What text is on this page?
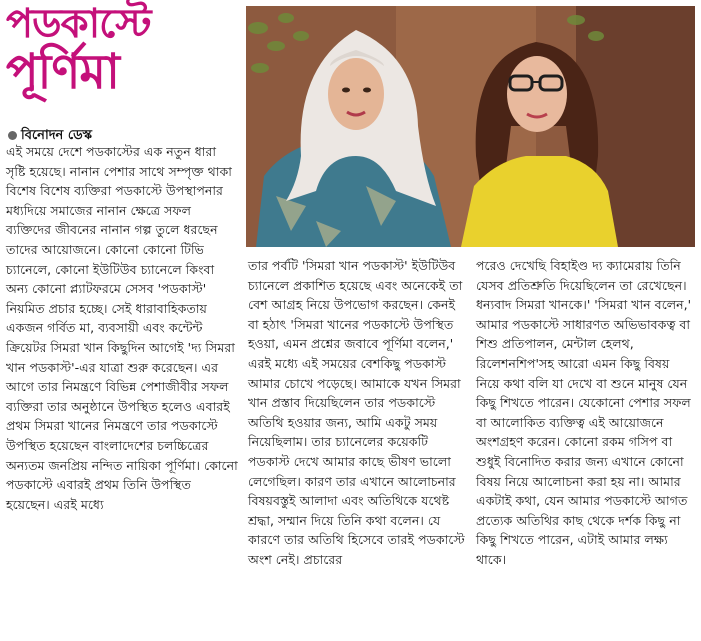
পডকাস্টে
পূর্ণিমা
বিনোদন ডেস্ক

এই সময়ে দেশে পডকাস্টের এক নতুন ধারা সৃষ্টি হয়েছে। নানান পেশার সাথে সম্পৃক্ত থাকা বিশেষ বিশেষ ব্যক্তিরা পডকাস্টে উপস্থাপনার মধ্যদিয়ে সমাজের নানান ক্ষেত্রে সফল ব্যক্তিদের জীবনের নানান গল্প তুলে ধরছেন তাদের আয়োজনে। কোনো কোনো টিভি চ্যানেলে, কোনো ইউটিউব চ্যানেলে কিংবা অন্য কোনো প্ল্যাটফরমে সেসব 'পডকাস্ট' নিয়মিত প্রচার হচ্ছে। সেই ধারাবাহিকতায় একজন গর্বিত মা, ব্যবসায়ী এবং কন্টেন্ট ক্রিয়েটর সিমরা খান কিছুদিন আগেই 'দ্য সিমরা খান পডকাস্ট'-এর যাত্রা শুরু করেছেন। এর আগে তার নিমন্ত্রণে বিভিন্ন পেশাজীবীর সফল ব্যক্তিরা তার অনুষ্ঠানে উপস্থিত হলেও এবারই প্রথম সিমরা খানের নিমন্ত্রণে তার পডকাস্টে উপস্থিত হয়েছেন বাংলাদেশের চলচ্চিত্রের অন্যতম জনপ্রিয় নন্দিত নায়িকা পূর্ণিমা। কোনো পডকাস্টে এবারই প্রথম তিনি উপস্থিত হয়েছেন। এরই মধ্যে

তার পর্বটি 'সিমরা খান পডকাস্ট' ইউটিউব চ্যানেলে প্রকাশিত হয়েছে এবং অনেকেই তা বেশ আগ্রহ নিয়ে উপভোগ করছেন। কেনই বা হঠাৎ 'সিমরা খানের পডকাস্টে উপস্থিত হওয়া, এমন প্রশ্নের জবাবে পূর্ণিমা বলেন,' এরই মধ্যে এই সময়ের বেশকিছু পডকাস্ট আমার চোখে পড়েছে। আমাকে যখন সিমরা খান প্রস্তাব দিয়েছিলেন তার পডকাস্টে অতিথি হওয়ার জন্য, আমি একটু সময় নিয়েছিলাম। তার চ্যানেলের কয়েকটি পডকাস্ট দেখে আমার কাছে ভীষণ ভালো লেগেছিল। কারণ তার এখানে আলোচনার বিষয়বস্তুই আলাদা এবং অতিথিকে যথেষ্ট শ্রদ্ধা, সম্মান দিয়ে তিনি কথা বলেন। যে কারণে তার অতিথি হিসেবে তারই পডকাস্টে অংশ নেই। প্রচারের

পরেও দেখেছি বিহাইণ্ড দ্য ক্যামেরায় তিনি যেসব প্রতিশ্রুতি দিয়েছিলেন তা রেখেছেন। ধন্যবাদ সিমরা খানকে।' 'সিমরা খান বলেন,' আমার পডকাস্টে সাধারণত অভিভাবকত্ব বা শিশু প্রতিপালন, মেন্টাল হেলথ, রিলেশনশিপ'সহ আরো এমন কিছু বিষয় নিয়ে কথা বলি যা দেখে বা শুনে মানুষ যেন কিছু শিখতে পারেন। যেকোনো পেশার সফল বা আলোকিত ব্যক্তিত্ব এই আয়োজনে অংশগ্রহণ করেন। কোনো রকম গসিপ বা শুধুই বিনোদিত করার জন্য এখানে কোনো বিষয় নিয়ে আলোচনা করা হয় না। আমার একটাই কথা, যেন আমার পডকাস্টে আগত প্রত্যেক অতিথির কাছ থেকে দর্শক কিছু না কিছু শিখতে পারেন, এটাই আমার লক্ষ্য থাকে।
